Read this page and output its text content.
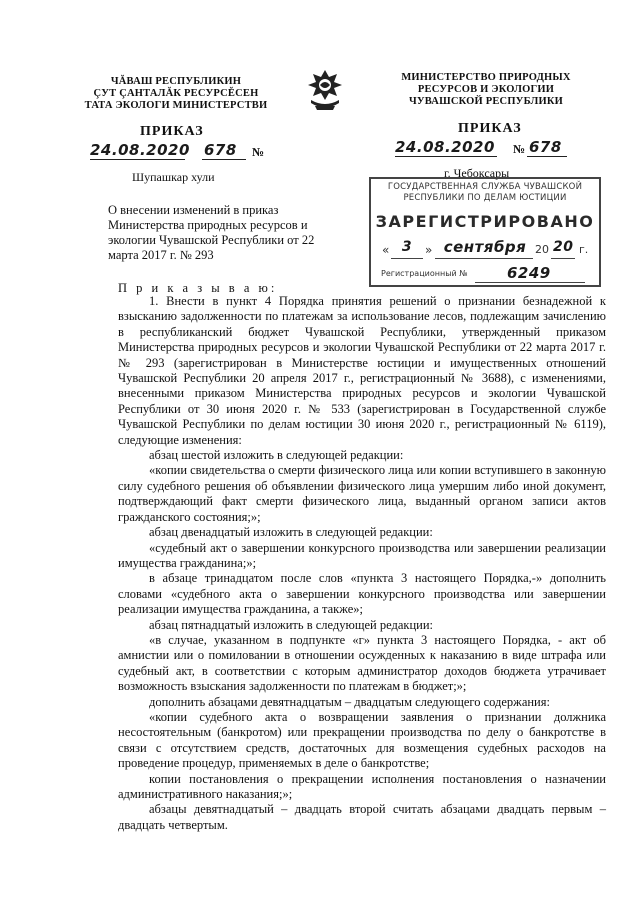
ЧĂВАШ РЕСПУБЛИКИН
ÇУТ ÇАНТАЛĂК РЕСУРСĔСЕН
ТАТА ЭКОЛОГИ МИНИСТЕРСТВИ
МИНИСТЕРСТВО ПРИРОДНЫХ
РЕСУРСОВ И ЭКОЛОГИИ
ЧУВАШСКОЙ РЕСПУБЛИКИ
ПРИКАЗ	ПРИКАЗ
24.08.2020 678	№	24.08.2020 № 678
Шупашкар хули	г. Чебоксары
ГОСУДАРСТВЕННАЯ СЛУЖБА ЧУВАШСКОЙ
РЕСПУБЛИКИ ПО ДЕЛАМ ЮСТИЦИИ
ЗАРЕГИСТРИРОВАНО
« 3	» сентября 20 20 г.
Регистрационный №	6249
О внесении изменений в приказ Министерства природных ресурсов и экологии Чувашской Республики от 22 марта 2017 г. № 293
П р и к а з ы в а ю:

1. Внести в пункт 4 Порядка принятия решений о признании безнадежной к взысканию задолженности по платежам за использование лесов, подлежащим зачислению в республиканский бюджет Чувашской Республики, утвержденный приказом Министерства природных ресурсов и экологии Чувашской Республики от 22 марта 2017 г. № 293 (зарегистрирован в Министерстве юстиции и имущественных отношений Чувашской Республики 20 апреля 2017 г., регистрационный № 3688), с изменениями, внесенными приказом Министерства природных ресурсов и экологии Чувашской Республики от 30 июня 2020 г. № 533 (зарегистрирован в Государственной службе Чувашской Республики по делам юстиции 30 июня 2020 г., регистрационный № 6119), следующие изменения:

абзац шестой изложить в следующей редакции:

«копии свидетельства о смерти физического лица или копии вступившего в законную силу судебного решения об объявлении физического лица умершим либо иной документ, подтверждающий факт смерти физического лица, выданный органом записи актов гражданского состояния;»;

абзац двенадцатый изложить в следующей редакции:

«судебный акт о завершении конкурсного производства или завершении реализации имущества гражданина;»;

в абзаце тринадцатом после слов «пункта 3 настоящего Порядка,-» дополнить словами «судебного акта о завершении конкурсного производства или завершении реализации имущества гражданина, а также»;

абзац пятнадцатый изложить в следующей редакции:

«в случае, указанном в подпункте «г» пункта 3 настоящего Порядка, - акт об амнистии или о помиловании в отношении осужденных к наказанию в виде штрафа или судебный акт, в соответствии с которым администратор доходов бюджета утрачивает возможность взыскания задолженности по платежам в бюджет;»;

дополнить абзацами девятнадцатым – двадцатым следующего содержания:

«копии судебного акта о возвращении заявления о признании должника несостоятельным (банкротом) или прекращении производства по делу о банкротстве в связи с отсутствием средств, достаточных для возмещения судебных расходов на проведение процедур, применяемых в деле о банкротстве;

копии постановления о прекращении исполнения постановления о назначении административного наказания;»;

абзацы девятнадцатый – двадцать второй считать абзацами двадцать первым – двадцать четвертым.
